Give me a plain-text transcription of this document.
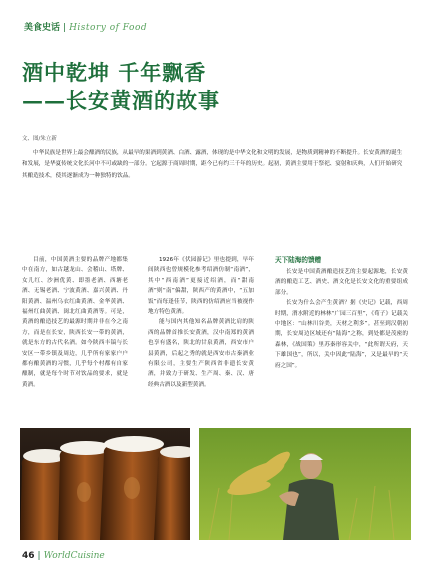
美食史话 | History of Food
酒中乾坤 千年飘香
——长安黄酒的故事
文、图/朱立新

中华民族是世界上最会酿酒的民族，从最早的果酒到黄酒、白酒、露酒，体现的是中华文化和文明的发展，是物质到精神的不断提升。长安黄酒的诞生和发展，是华夏传统文化长河中不可或缺的一部分。它起源于商周时期，距今已有约三千年的历史。起初，黄酒主要用于祭祀、宴射和庆典，人们开始研究其酿造技术，使其逐渐成为一种独特的饮品。

目前，中国黄酒主要的品牌产地都集中在南方，如古越龙山、会稽山、塔牌、女儿红、沙洲优黄、即墨老酒、西塘老酒、无锡老酒、宁波黄酒、嘉兴黄酒、丹阳黄酒、温州乌衣红曲黄酒、金华黄酒、福州红曲黄酒、闽北红曲黄酒等。可是，黄酒的酿造技艺的最源时期并非在今之南方，而是在长安，陕西长安一带的黄酒，就是东方的古代名酒。如今陕西丰镐与长安区一带乡镇及周边，几乎所有家家户户都有酿黄酒的习惯，几乎每个村都有自家酿制，就是每个时节对饮品的要求，就是黄酒。

1926年《伏园游记》里也提到，早年间陕西也曾规模化参考绍酒仿制“南酒”，其中“西南酒”更接近绍酒，而“甜南酒”则“南”偏甜，陕西产的黄酒中，“五加饭”而每逢佳节，陕西的仿绍酒应当被视作地方特色黄酒。

能与国内其他知名品牌黄酒比肩的陕西的品牌首推长安黄酒，汉中南郑的黄酒也享有盛名，陕北的甘泉黄酒，西安市户县黄酒，后起之秀的就是西安市古秦酒业有限公司，主要生产陕西省非遗长安黄酒，并致力于研发、生产周、秦、汉、唐经典古酒以及新型黄酒。

天下陆海的馈赠

长安是中国黄酒酿造技艺的主要起源地，长安黄酒的酿造工艺、酒史、酒文化是长安文化的重要组成部分。

长安为什么会产生黄酒？据《史记》记载，西周时期，渭水附近的林林“广园三百里”，《荀子》记载关中地区：“山林川谷美，天材之利多”。甚至到汉朝初期，长安周边区域还有“陆海”之称，到处都是茂密的森林，《战国策》里苏秦形容关中，“此所谓天府，天下雄国也”，所以，关中因此“陆海”，又是最早的“天府之国”。

46 | WorldCuisine
